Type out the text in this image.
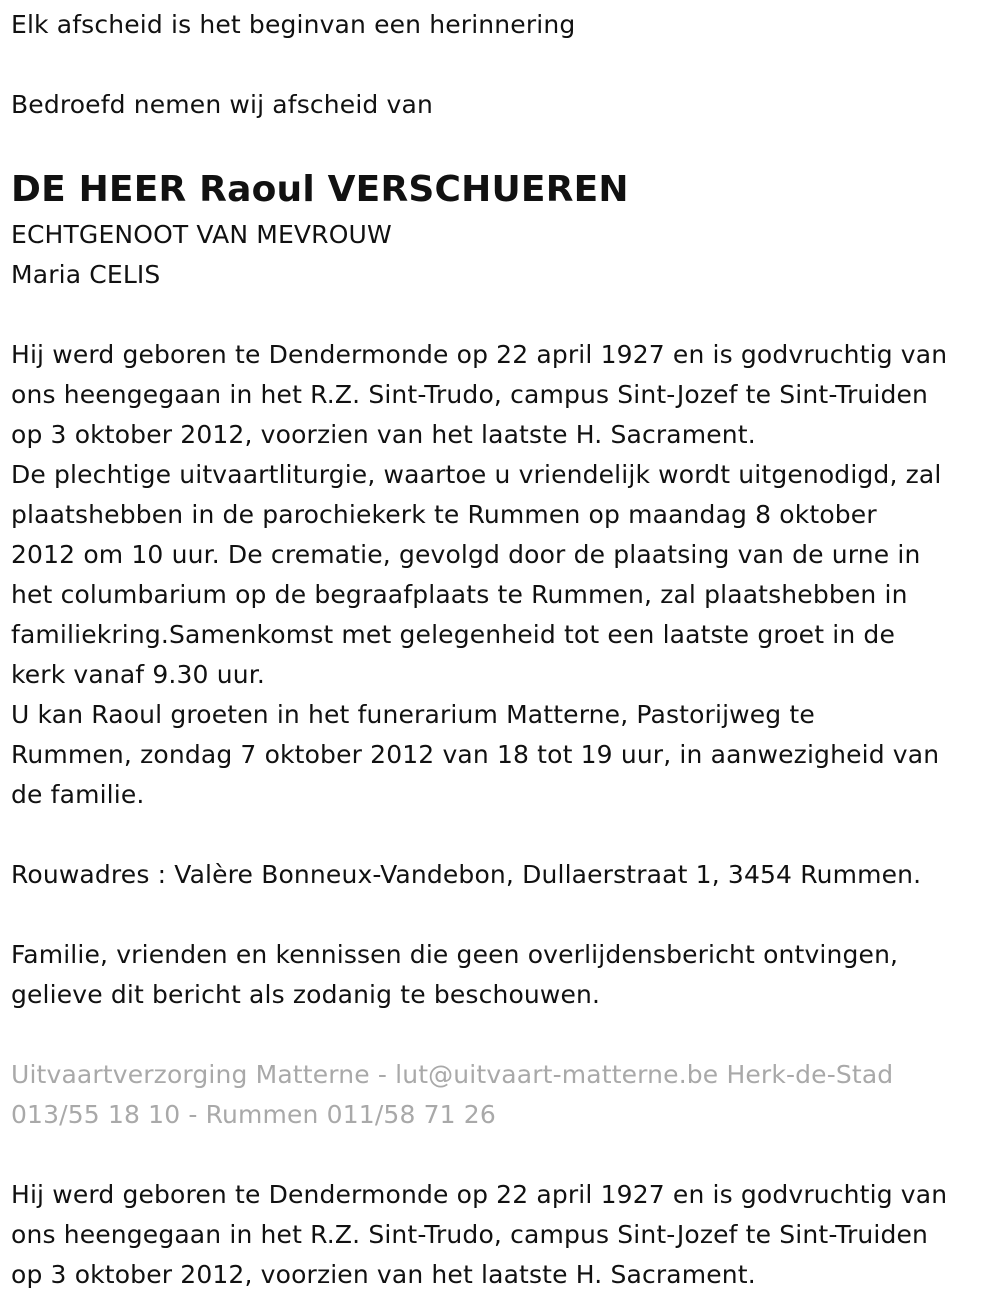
Elk afscheid is het beginvan een herinnering
Bedroefd nemen wij afscheid van
DE HEER Raoul VERSCHUEREN
ECHTGENOOT VAN MEVROUW
Maria CELIS
Hij werd geboren te Dendermonde op 22 april 1927 en is godvruchtig van
ons heengegaan in het R.Z. Sint-Trudo, campus Sint-Jozef te Sint-Truiden
op 3 oktober 2012, voorzien van het laatste H. Sacrament.
De plechtige uitvaartliturgie, waartoe u vriendelijk wordt uitgenodigd, zal
plaatshebben in de parochiekerk te Rummen op maandag 8 oktober
2012 om 10 uur. De crematie, gevolgd door de plaatsing van de urne in
het columbarium op de begraafplaats te Rummen, zal plaatshebben in
familiekring.Samenkomst met gelegenheid tot een laatste groet in de
kerk vanaf 9.30 uur.
U kan Raoul groeten in het funerarium Matterne, Pastorijweg te
Rummen, zondag 7 oktober 2012 van 18 tot 19 uur, in aanwezigheid van
de familie.
Rouwadres : Valère Bonneux-Vandebon, Dullaerstraat 1, 3454 Rummen.
Familie, vrienden en kennissen die geen overlijdensbericht ontvingen,
gelieve dit bericht als zodanig te beschouwen.
Uitvaartverzorging Matterne - lut@uitvaart-matterne.be Herk-de-Stad
013/55 18 10 - Rummen 011/58 71 26
Hij werd geboren te Dendermonde op 22 april 1927 en is godvruchtig van
ons heengegaan in het R.Z. Sint-Trudo, campus Sint-Jozef te Sint-Truiden
op 3 oktober 2012, voorzien van het laatste H. Sacrament.
